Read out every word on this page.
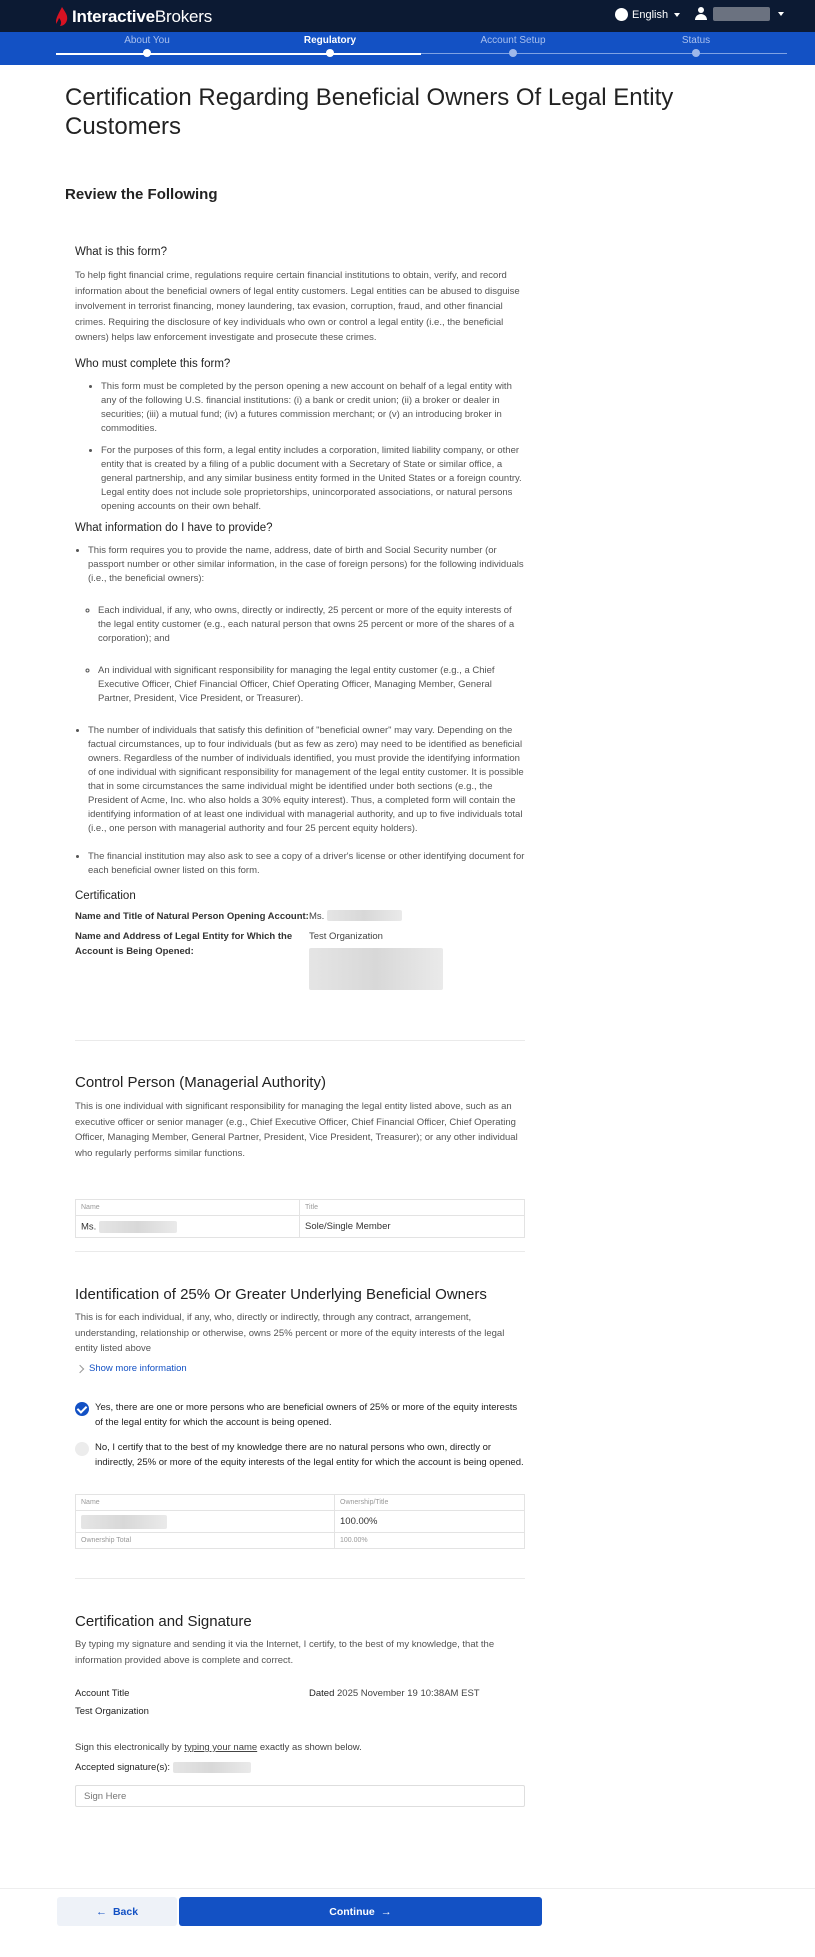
InteractiveBrokers	English
About You	Regulatory	Account Setup	Status
Certification Regarding Beneficial Owners Of Legal Entity Customers
Review the Following
What is this form?

To help fight financial crime, regulations require certain financial institutions to obtain, verify, and record information about the beneficial owners of legal entity customers. Legal entities can be abused to disguise involvement in terrorist financing, money laundering, tax evasion, corruption, fraud, and other financial crimes. Requiring the disclosure of key individuals who own or control a legal entity (i.e., the beneficial owners) helps law enforcement investigate and prosecute these crimes.

Who must complete this form?
• This form must be completed by the person opening a new account on behalf of a legal entity with any of the following U.S. financial institutions: (i) a bank or credit union; (ii) a broker or dealer in securities; (iii) a mutual fund; (iv) a futures commission merchant; or (v) an introducing broker in commodities.
• For the purposes of this form, a legal entity includes a corporation, limited liability company, or other entity that is created by a filing of a public document with a Secretary of State or similar office, a general partnership, and any similar business entity formed in the United States or a foreign country. Legal entity does not include sole proprietorships, unincorporated associations, or natural persons opening accounts on their own behalf.
What information do I have to provide?
• This form requires you to provide the name, address, date of birth and Social Security number (or passport number or other similar information, in the case of foreign persons) for the following individuals (i.e., the beneficial owners):
◦ Each individual, if any, who owns, directly or indirectly, 25 percent or more of the equity interests of the legal entity customer (e.g., each natural person that owns 25 percent or more of the shares of a corporation); and
◦ An individual with significant responsibility for managing the legal entity customer (e.g., a Chief Executive Officer, Chief Financial Officer, Chief Operating Officer, Managing Member, General Partner, President, Vice President, or Treasurer).
• The number of individuals that satisfy this definition of "beneficial owner" may vary. Depending on the factual circumstances, up to four individuals (but as few as zero) may need to be identified as beneficial owners. Regardless of the number of individuals identified, you must provide the identifying information of one individual with significant responsibility for management of the legal entity customer. It is possible that in some circumstances the same individual might be identified under both sections (e.g., the President of Acme, Inc. who also holds a 30% equity interest). Thus, a completed form will contain the identifying information of at least one individual with managerial authority, and up to five individuals total (i.e., one person with managerial authority and four 25 percent equity holders).
• The financial institution may also ask to see a copy of a driver's license or other identifying document for each beneficial owner listed on this form.
Certification
Name and Title of Natural Person Opening Account: Ms.
Name and Address of Legal Entity for Which the Account is Being Opened:
Test Organization
Control Person (Managerial Authority)
This is one individual with significant responsibility for managing the legal entity listed above, such as an executive officer or senior manager (e.g., Chief Executive Officer, Chief Financial Officer, Chief Operating Officer, Managing Member, General Partner, President, Vice President, Treasurer); or any other individual who regularly performs similar functions.
Name	Title
Ms.	Sole/Single Member
Identification of 25% Or Greater Underlying Beneficial Owners
This is for each individual, if any, who, directly or indirectly, through any contract, arrangement, understanding, relationship or otherwise, owns 25% percent or more of the equity interests of the legal entity listed above
Show more information
Yes, there are one or more persons who are beneficial owners of 25% or more of the equity interests of the legal entity for which the account is being opened.
No, I certify that to the best of my knowledge there are no natural persons who own, directly or indirectly, 25% or more of the equity interests of the legal entity for which the account is being opened.
Name	Ownership/Title
	100.00%
Ownership Total	100.00%
Certification and Signature
By typing my signature and sending it via the Internet, I certify, to the best of my knowledge, that the information provided above is complete and correct.
Account Title
Test Organization
Dated 2025 November 19 10:38AM EST
Sign this electronically by typing your name exactly as shown below.
Accepted signature(s):
Sign Here
← Back	Continue →
